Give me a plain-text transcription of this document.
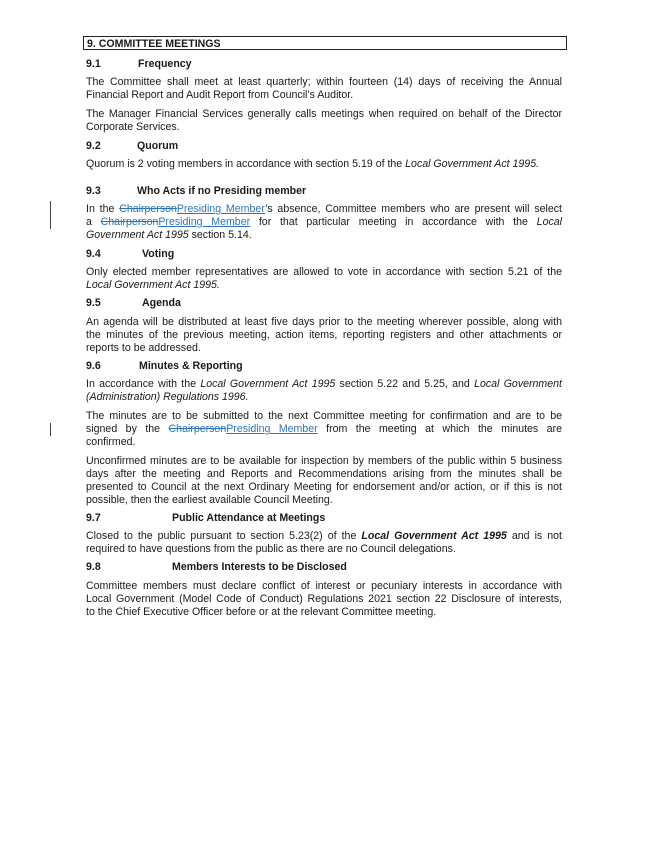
9. COMMITTEE MEETINGS
9.1	Frequency
The Committee shall meet at least quarterly; within fourteen (14) days of receiving the Annual
Financial Report and Audit Report from Council’s Auditor.
The Manager Financial Services generally calls meetings when required on behalf of the Director
Corporate Services.
9.2	Quorum
Quorum is 2 voting members in accordance with section 5.19 of the Local Government Act 1995.
9.3	Who Acts if no Presiding member
In the ChairpersonPresiding Member’s absence, Committee members who are present will select
a ChairpersonPresiding Member for that particular meeting in accordance with the Local
Government Act 1995 section 5.14.
9.4	Voting
Only elected member representatives are allowed to vote in accordance with section 5.21 of the
Local Government Act 1995.
9.5	Agenda
An agenda will be distributed at least five days prior to the meeting wherever possible, along with
the minutes of the previous meeting, action items, reporting registers and other attachments or
reports to be addressed.
9.6	Minutes & Reporting
In accordance with the Local Government Act 1995 section 5.22 and 5.25, and Local Government
(Administration) Regulations 1996.
The minutes are to be submitted to the next Committee meeting for confirmation and are to be
signed by the ChairpersonPresiding Member from the meeting at which the minutes are
confirmed.
Unconfirmed minutes are to be available for inspection by members of the public within 5 business
days after the meeting and Reports and Recommendations arising from the minutes shall be
presented to Council at the next Ordinary Meeting for endorsement and/or action, or if this is not
possible, then the earliest available Council Meeting.
9.7	Public Attendance at Meetings
Closed to the public pursuant to section 5.23(2) of the Local Government Act 1995 and is not
required to have questions from the public as there are no Council delegations.
9.8	Members Interests to be Disclosed
Committee members must declare conflict of interest or pecuniary interests in accordance with
Local Government (Model Code of Conduct) Regulations 2021 section 22 Disclosure of interests,
to the Chief Executive Officer before or at the relevant Committee meeting.
